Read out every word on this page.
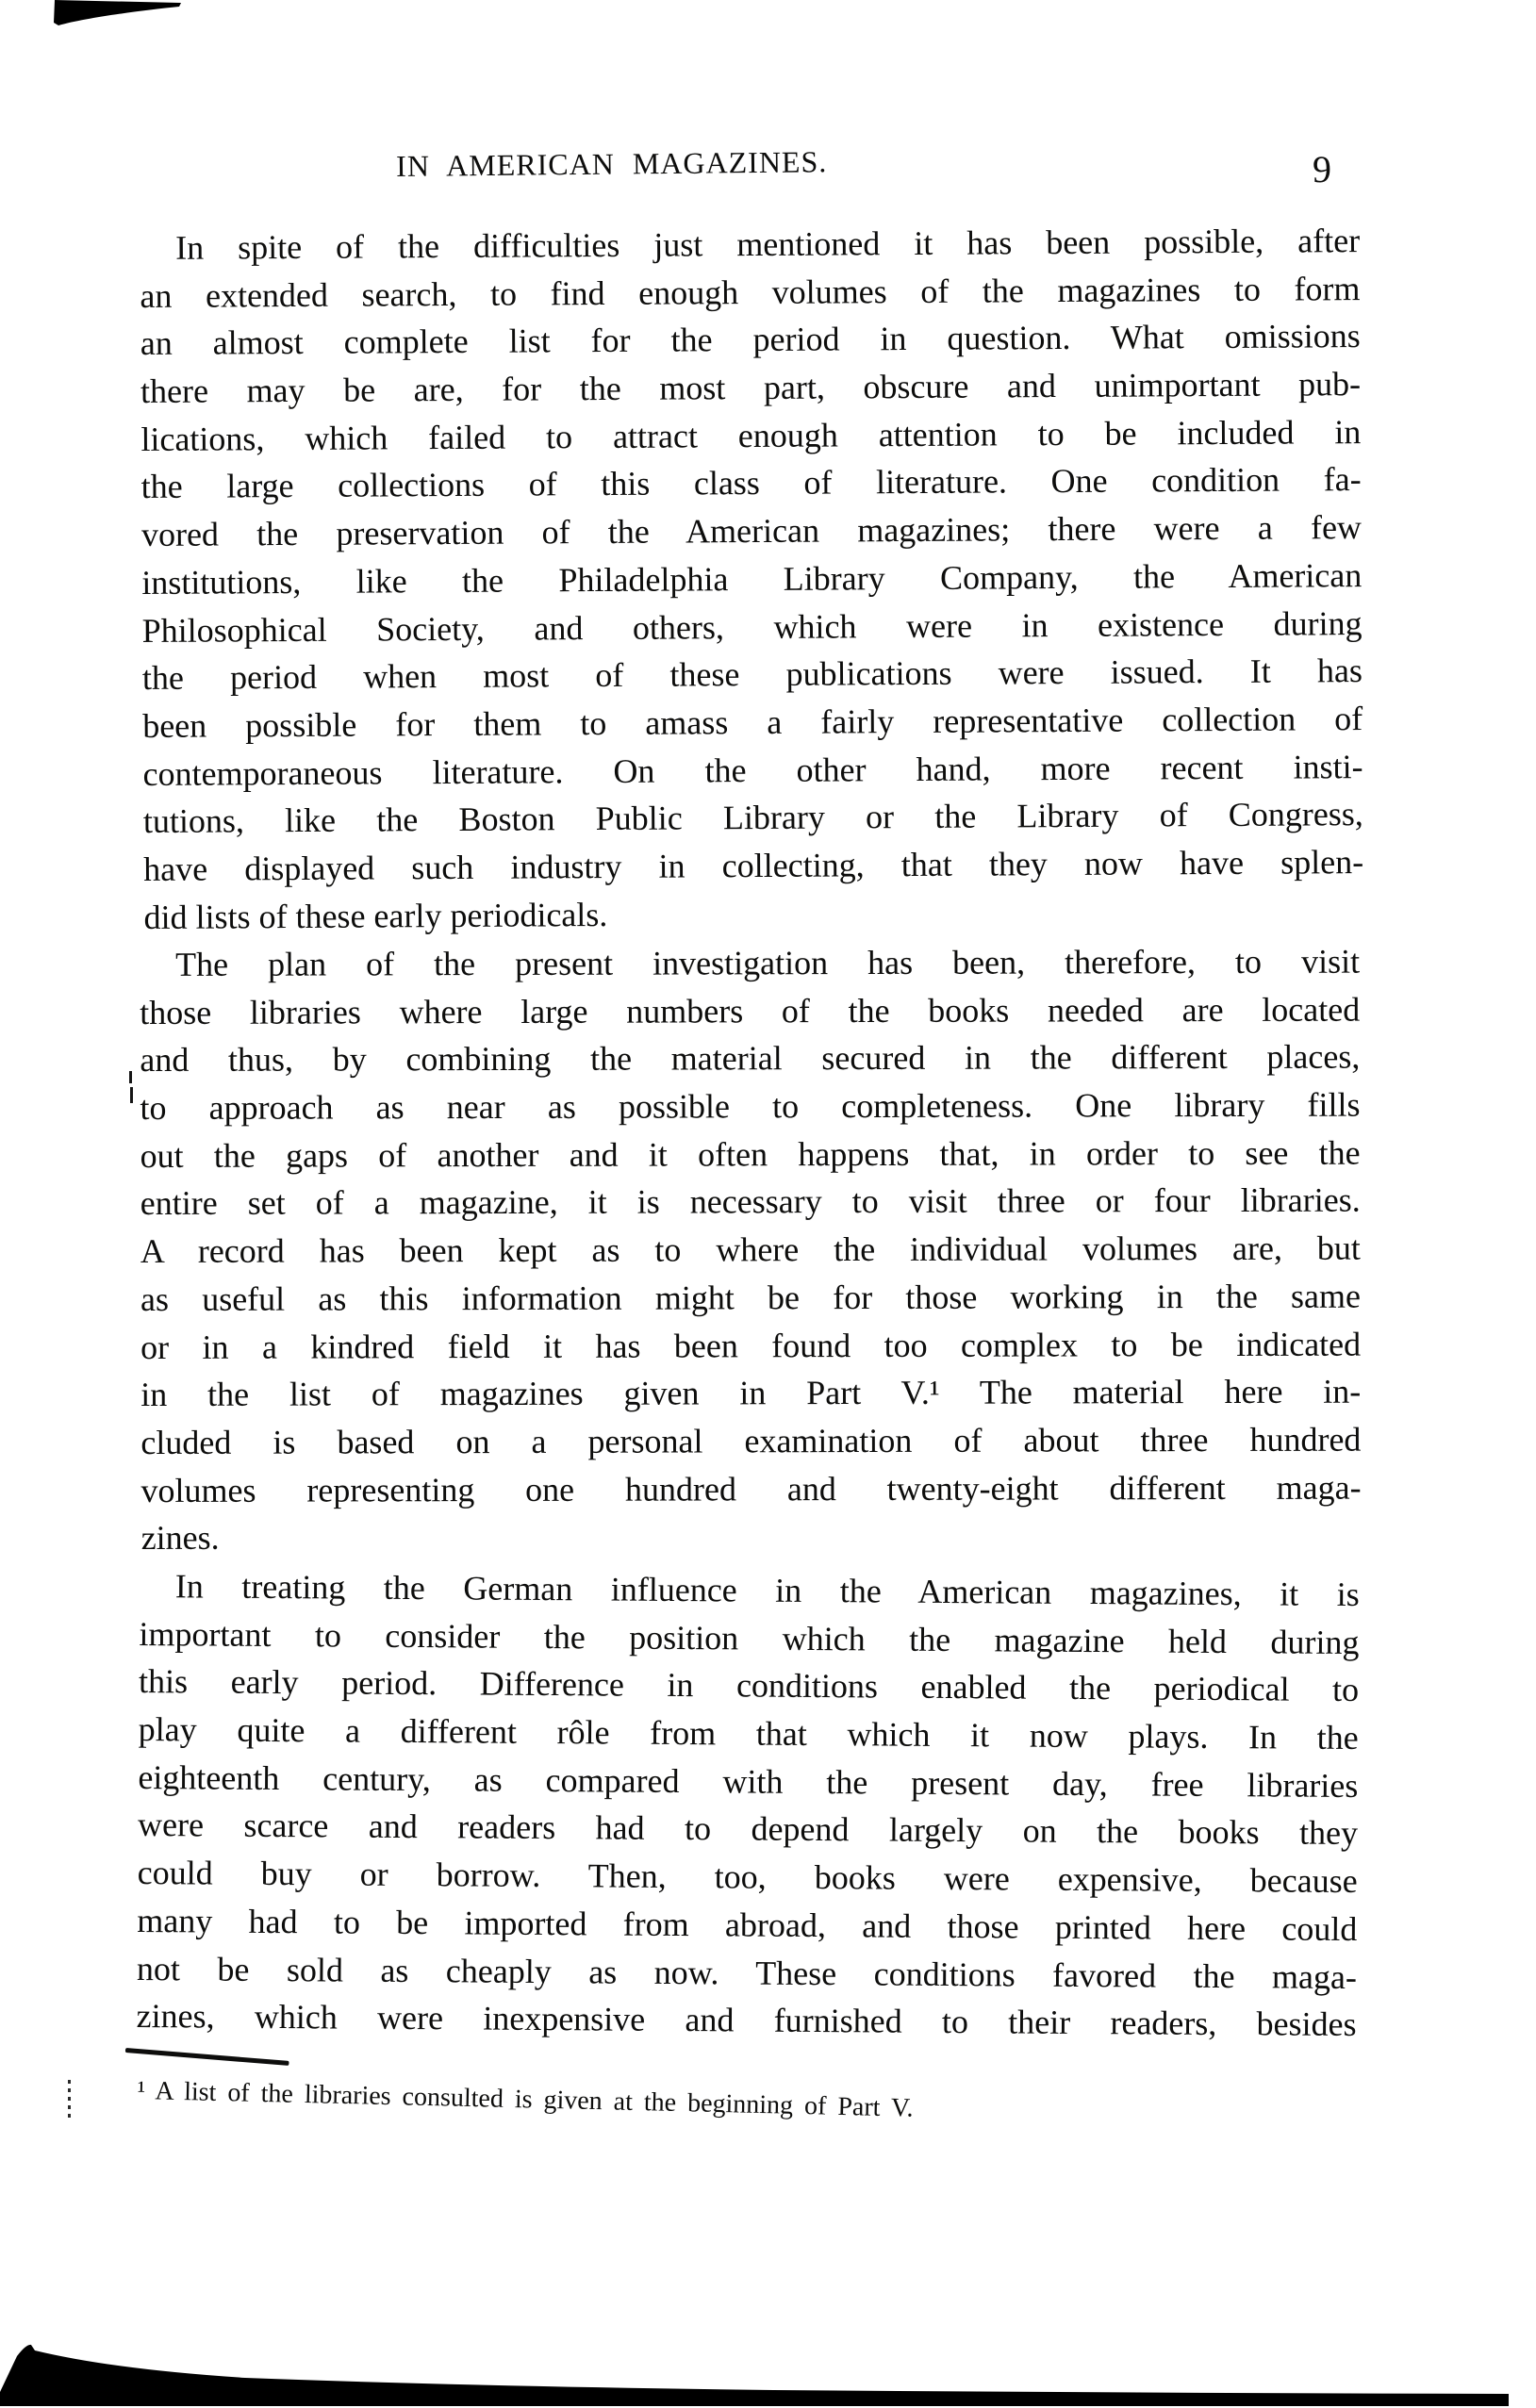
IN AMERICAN MAGAZINES.	9
In spite of the difficulties just mentioned it has been possible, after
an extended search, to find enough volumes of the magazines to form
an almost complete list for the period in question. What omissions
there may be are, for the most part, obscure and unimportant pub-
lications, which failed to attract enough attention to be included in
the large collections of this class of literature. One condition fa-
vored the preservation of the American magazines; there were a few
institutions, like the Philadelphia Library Company, the American
Philosophical Society, and others, which were in existence during
the period when most of these publications were issued. It has
been possible for them to amass a fairly representative collection of
contemporaneous literature. On the other hand, more recent insti-
tutions, like the Boston Public Library or the Library of Congress,
have displayed such industry in collecting, that they now have splen-
did lists of these early periodicals.
The plan of the present investigation has been, therefore, to visit
those libraries where large numbers of the books needed are located
and thus, by combining the material secured in the different places,
to approach as near as possible to completeness. One library fills
out the gaps of another and it often happens that, in order to see the
entire set of a magazine, it is necessary to visit three or four libraries.
A record has been kept as to where the individual volumes are, but
as useful as this information might be for those working in the same
or in a kindred field it has been found too complex to be indicated
in the list of magazines given in Part V.¹ The material here in-
cluded is based on a personal examination of about three hundred
volumes representing one hundred and twenty-eight different maga-
zines.
In treating the German influence in the American magazines, it is
important to consider the position which the magazine held during
this early period. Difference in conditions enabled the periodical to
play quite a different rôle from that which it now plays. In the
eighteenth century, as compared with the present day, free libraries
were scarce and readers had to depend largely on the books they
could buy or borrow. Then, too, books were expensive, because
many had to be imported from abroad, and those printed here could
not be sold as cheaply as now. These conditions favored the maga-
zines, which were inexpensive and furnished to their readers, besides
¹ A list of the libraries consulted is given at the beginning of Part V.
